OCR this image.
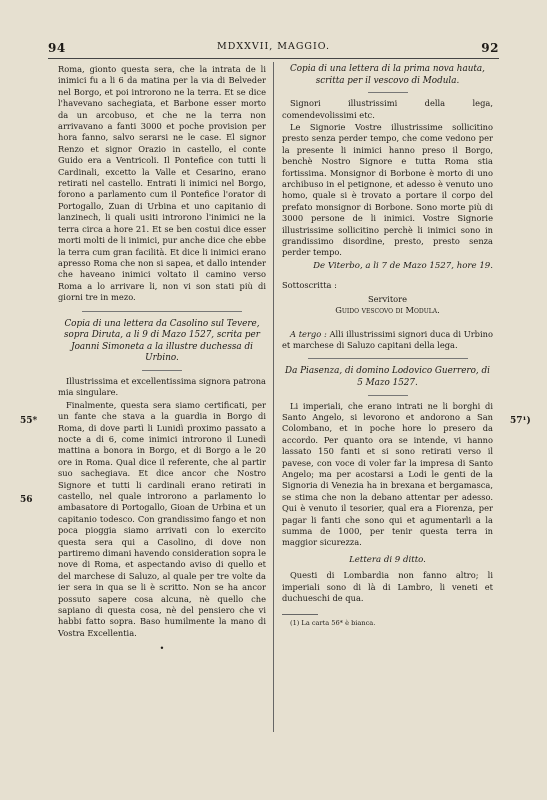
94	MDXXVII, MAGGIO.	92
55*
56
57¹)

Roma, gionto questa sera, che la intrata de li inimici fu a li 6 da matina per la via di Belveder nel Borgo, et poi introrono ne la terra. Et se dice l'havevano sachegiata, et Barbone esser morto da un arcobuso, et che ne la terra non arrivavano a fanti 3000 et poche provision per hora fanno, salvo serarsi ne le case. El signor Renzo et signor Orazio in castello, el conte Guido era a Ventricoli. Il Pontefice con tutti li Cardinali, excetto la Valle et Cesarino, erano retirati nel castello. Entrati li inimici nel Borgo, forono a parlamento cum il Pontefice l'orator di Portogallo, Zuan di Urbina et uno capitanio di lanzinech, li quali usiti introrono l'inimici ne la terra circa a hore 21. Et se ben costui dice esser morti molti de li inimici, pur anche dice che ebbe la terra cum gran facilità. Et dice li inimici erano apresso Roma che non si sapea, et dallo intender che haveano inimici voltato il camino verso Roma a lo arrivare li, non vi son stati più di giorni tre in mezo.

Copia di una lettera da Casolino sul Tevere, sopra Diruta, a li 9 di Mazo 1527, scrita per Joanni Simoneta a la illustre duchessa di Urbino.

Illustrissima et excellentissima signora patrona mia singulare.

Finalmente, questa sera siamo certificati, per un fante che stava a la guardia in Borgo di Roma, di dove partì li Lunidì proximo passato a nocte a di 6, come inimici introrono il Lunedì mattina a bonora in Borgo, et di Borgo a le 20 ore in Roma. Qual dice il referente, che al partir suo sachegiava. Et dice ancor che Nostro Signore et tutti li cardinali erano retirati in castello, nel quale introrono a parlamento lo ambasatore di Portogallo, Gioan de Urbina et un capitanio todesco. Con grandissimo fango et non poca pioggia siamo arrivati con lo exercito questa sera qui a Casolino, di dove non partiremo dimani havendo consideration sopra le nove di Roma, et aspectando aviso di quello et del marchese di Saluzo, al quale per tre volte da ier sera in qua se li è scritto. Non se ha ancor possuto sapere cosa alcuna, nè quello che sapiano di questa cosa, nè del pensiero che vi habbi fatto sopra. Baso humilmente la mano di Vostra Excellentia.

•

Copia di una lettera di la prima nova hauta, scritta per il vescovo di Modula.

Signori illustrissimi della lega, comendevolissimi etc.

Le Signorie Vostre illustrissime sollicitino presto senza perder tempo, che come vedono per la presente li inimici hanno preso il Borgo, benchè Nostro Signore e tutta Roma stia fortissima. Monsignor di Borbone è morto di uno archibuso in el petignone, et adesso è venuto uno homo, quale si è trovato a portare il corpo del prefato monsignor di Borbone. Sono morte più di 3000 persone de li inimici. Vostre Signorie illustrissime sollicitino perchè li inimici sono in grandissimo disordine, presto, presto senza perder tempo.

De Viterbo, a li 7 de Mazo 1527, hore 19.

Sottoscritta :
Servitore
Guido vescovo di Modula.

A tergo : Alli illustrissimi signori duca di Urbino et marchese di Saluzo capitani della lega.

Da Piasenza, di domino Lodovico Guerrero, di 5 Mazo 1527.

Li imperiali, che erano intrati ne li borghi di Santo Angelo, si levorono et andorono a San Colombano, et in poche hore lo presero da accordo. Per quanto ora se intende, vi hanno lassato 150 fanti et si sono retirati verso il pavese, con voce di voler far la impresa di Santo Angelo; ma per acostarsi a Lodi le genti de la Signoria di Venezia ha in brexana et bergamasca, se stima che non la debano attentar per adesso. Qui è venuto il tesorier, qual era a Fiorenza, per pagar li fanti che sono qui et agumentarli a la summa de 1000, per tenir questa terra in maggior sicurezza.

Lettera di 9 ditto.

Questi di Lombardia non fanno altro; li imperiali sono di là di Lambro, li veneti et duchueschi de qua.

(1) La carta 56* è bianca.
